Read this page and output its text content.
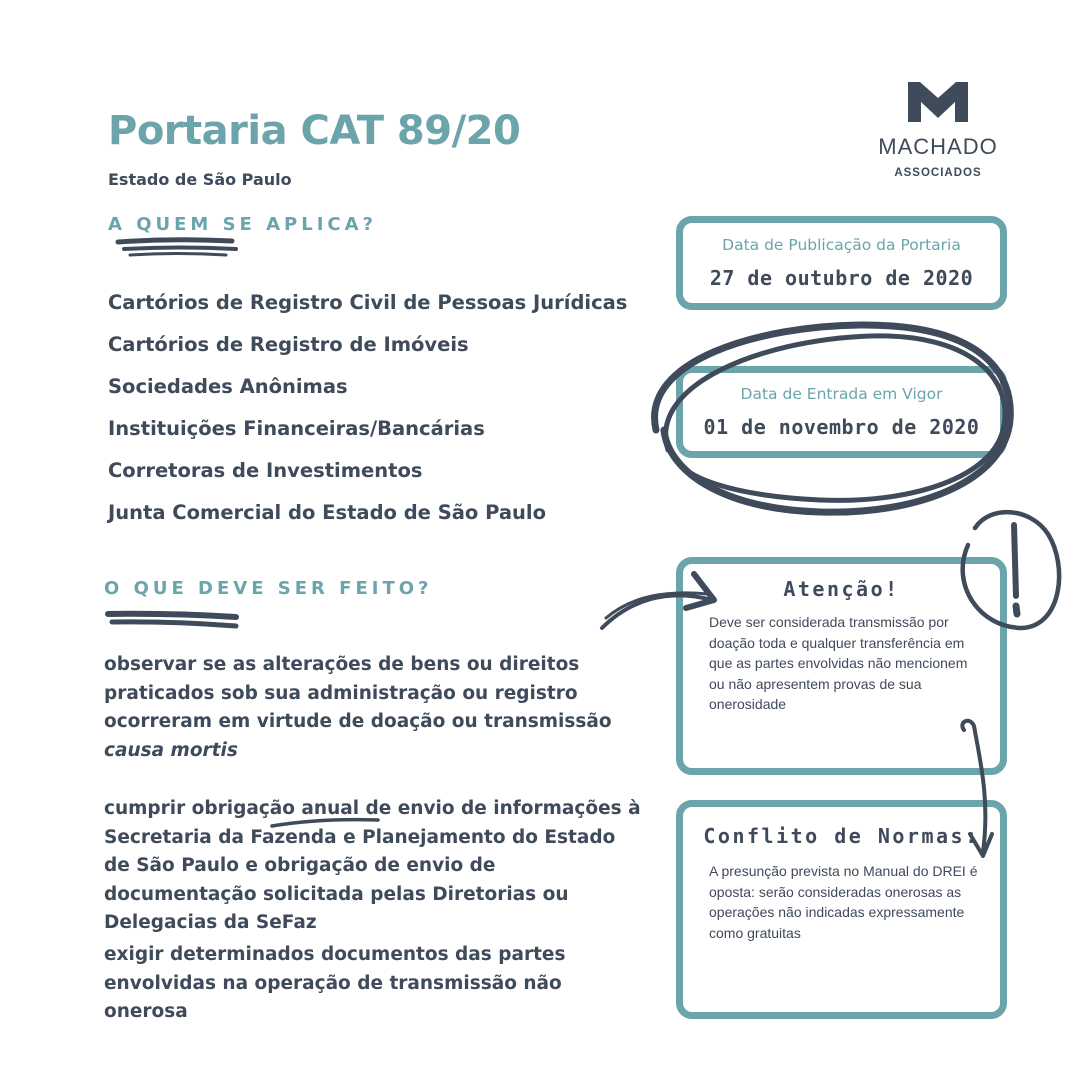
MACHADO
ASSOCIADOS
Portaria CAT 89/20
Estado de São Paulo
A QUEM SE APLICA?
Cartórios de Registro Civil de Pessoas Jurídicas
Cartórios de Registro de Imóveis
Sociedades Anônimas
Instituições Financeiras/Bancárias
Corretoras de Investimentos
Junta Comercial do Estado de São Paulo
O QUE DEVE SER FEITO?
observar se as alterações de bens ou direitos praticados sob sua administração ou registro ocorreram em virtude de doação ou transmissão causa mortis
cumprir obrigação anual de envio de informações à Secretaria da Fazenda e Planejamento do Estado de São Paulo e obrigação de envio de documentação solicitada pelas Diretorias ou Delegacias da SeFaz
exigir determinados documentos das partes envolvidas na operação de transmissão não onerosa
Data de Publicação da Portaria
27 de outubro de 2020
Data de Entrada em Vigor
01 de novembro de 2020
Atenção!
Deve ser considerada transmissão por doação toda e qualquer transferência em que as partes envolvidas não mencionem ou não apresentem provas de sua onerosidade
Conflito de Normas:
A presunção prevista no Manual do DREI é oposta: serão consideradas onerosas as operações não indicadas expressamente como gratuitas
